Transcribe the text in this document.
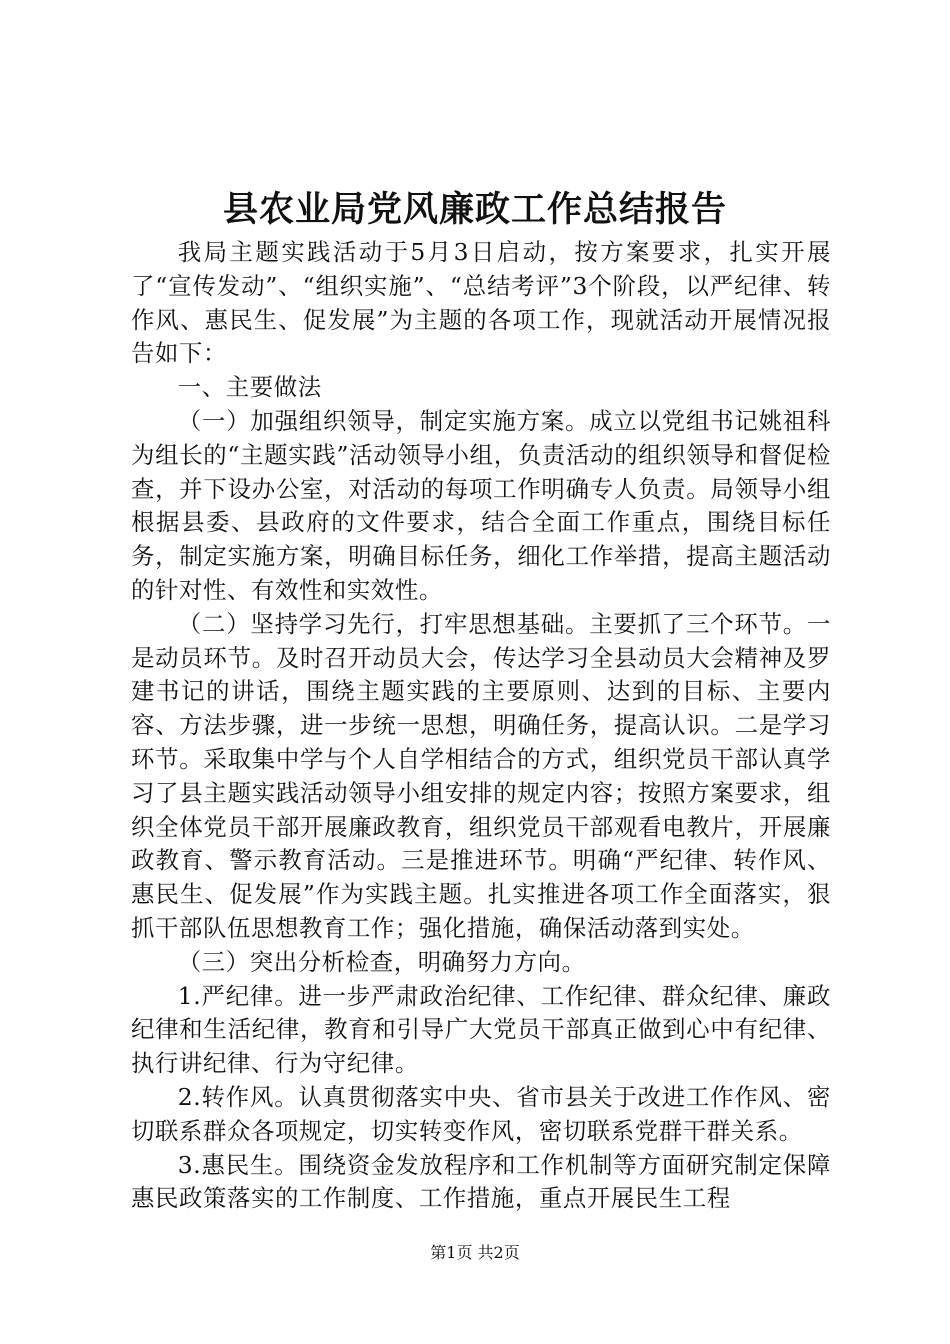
县农业局党风廉政工作总结报告

我局主题实践活动于5月3日启动，按方案要求，扎实开展了“宣传发动”、“组织实施”、“总结考评”3个阶段，以严纪律、转作风、惠民生、促发展”为主题的各项工作，现就活动开展情况报告如下：

一、主要做法

（一）加强组织领导，制定实施方案。成立以党组书记姚祖科为组长的“主题实践”活动领导小组，负责活动的组织领导和督促检查，并下设办公室，对活动的每项工作明确专人负责。局领导小组根据县委、县政府的文件要求，结合全面工作重点，围绕目标任务，制定实施方案，明确目标任务，细化工作举措，提高主题活动的针对性、有效性和实效性。

（二）坚持学习先行，打牢思想基础。主要抓了三个环节。一是动员环节。及时召开动员大会，传达学习全县动员大会精神及罗建书记的讲话，围绕主题实践的主要原则、达到的目标、主要内容、方法步骤，进一步统一思想，明确任务，提高认识。二是学习环节。采取集中学与个人自学相结合的方式，组织党员干部认真学习了县主题实践活动领导小组安排的规定内容；按照方案要求，组织全体党员干部开展廉政教育，组织党员干部观看电教片，开展廉政教育、警示教育活动。三是推进环节。明确“严纪律、转作风、惠民生、促发展”作为实践主题。扎实推进各项工作全面落实，狠抓干部队伍思想教育工作；强化措施，确保活动落到实处。

（三）突出分析检查，明确努力方向。

1.严纪律。进一步严肃政治纪律、工作纪律、群众纪律、廉政纪律和生活纪律，教育和引导广大党员干部真正做到心中有纪律、执行讲纪律、行为守纪律。

2.转作风。认真贯彻落实中央、省市县关于改进工作作风、密切联系群众各项规定，切实转变作风，密切联系党群干群关系。

3.惠民生。围绕资金发放程序和工作机制等方面研究制定保障惠民政策落实的工作制度、工作措施，重点开展民生工程

第1页 共2页
